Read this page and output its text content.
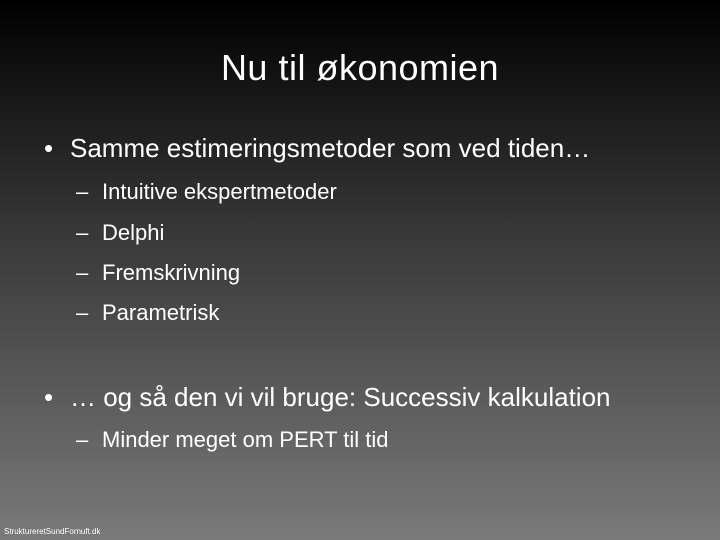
Nu til økonomien
• Samme estimeringsmetoder som ved tiden…
– Intuitive ekspertmetoder
– Delphi
– Fremskrivning
– Parametrisk
• … og så den vi vil bruge: Successiv kalkulation
– Minder meget om PERT til tid
StruktureretSundFornuft.dk
